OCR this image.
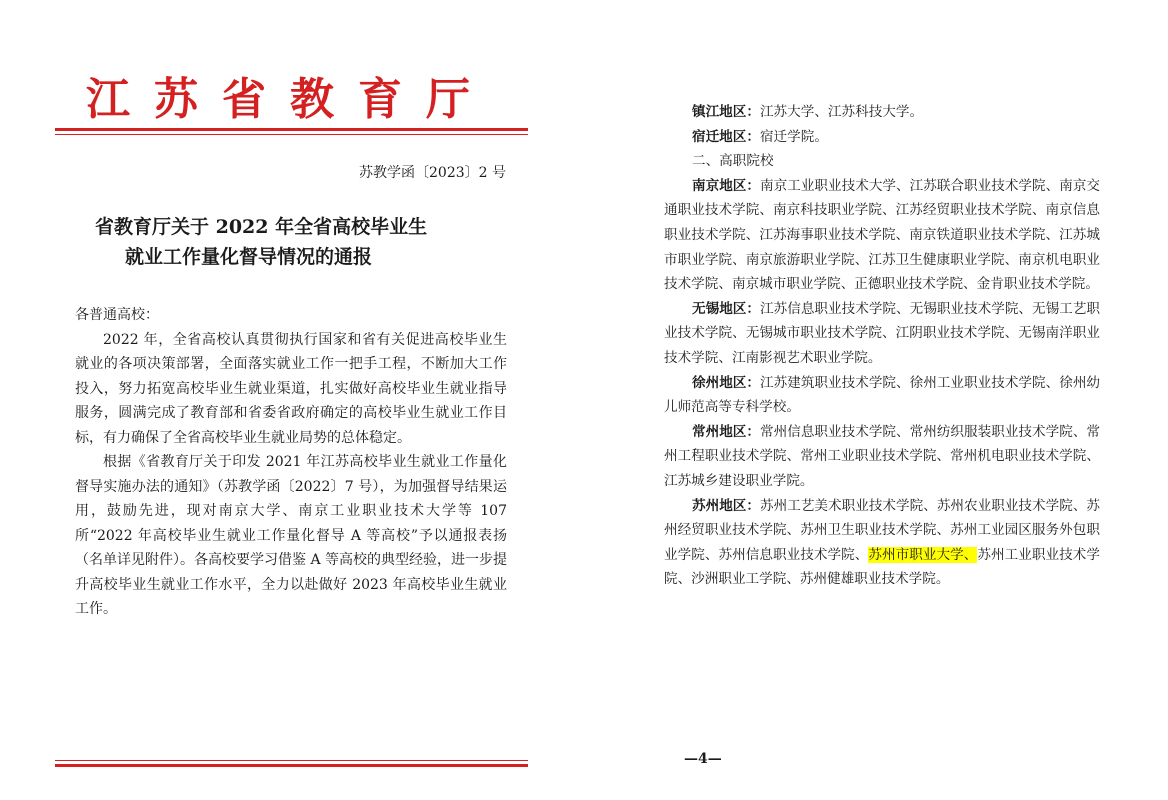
江苏省教育厅
苏教学函〔2023〕2 号
省教育厅关于 2022 年全省高校毕业生
就业工作量化督导情况的通报

各普通高校：

2022 年，全省高校认真贯彻执行国家和省有关促进高校毕业生就业的各项决策部署，全面落实就业工作一把手工程，不断加大工作投入，努力拓宽高校毕业生就业渠道，扎实做好高校毕业生就业指导服务，圆满完成了教育部和省委省政府确定的高校毕业生就业工作目标，有力确保了全省高校毕业生就业局势的总体稳定。

根据《省教育厅关于印发 2021 年江苏高校毕业生就业工作量化督导实施办法的通知》（苏教学函〔2022〕7 号），为加强督导结果运用，鼓励先进，现对南京大学、南京工业职业技术大学等 107 所“2022 年高校毕业生就业工作量化督导 A 等高校”予以通报表扬（名单详见附件）。各高校要学习借鉴 A 等高校的典型经验，进一步提升高校毕业生就业工作水平，全力以赴做好 2023 年高校毕业生就业工作。

镇江地区：江苏大学、江苏科技大学。

宿迁地区：宿迁学院。

二、高职院校

南京地区：南京工业职业技术大学、江苏联合职业技术学院、南京交通职业技术学院、南京科技职业学院、江苏经贸职业技术学院、南京信息职业技术学院、江苏海事职业技术学院、南京铁道职业技术学院、江苏城市职业学院、南京旅游职业学院、江苏卫生健康职业学院、南京机电职业技术学院、南京城市职业学院、正德职业技术学院、金肯职业技术学院。

无锡地区：江苏信息职业技术学院、无锡职业技术学院、无锡工艺职业技术学院、无锡城市职业技术学院、江阴职业技术学院、无锡南洋职业技术学院、江南影视艺术职业学院。

徐州地区：江苏建筑职业技术学院、徐州工业职业技术学院、徐州幼儿师范高等专科学校。

常州地区：常州信息职业技术学院、常州纺织服装职业技术学院、常州工程职业技术学院、常州工业职业技术学院、常州机电职业技术学院、江苏城乡建设职业学院。

苏州地区：苏州工艺美术职业技术学院、苏州农业职业技术学院、苏州经贸职业技术学院、苏州卫生职业技术学院、苏州工业园区服务外包职业学院、苏州信息职业技术学院、苏州市职业大学、苏州工业职业技术学院、沙洲职业工学院、苏州健雄职业技术学院。

—4—
